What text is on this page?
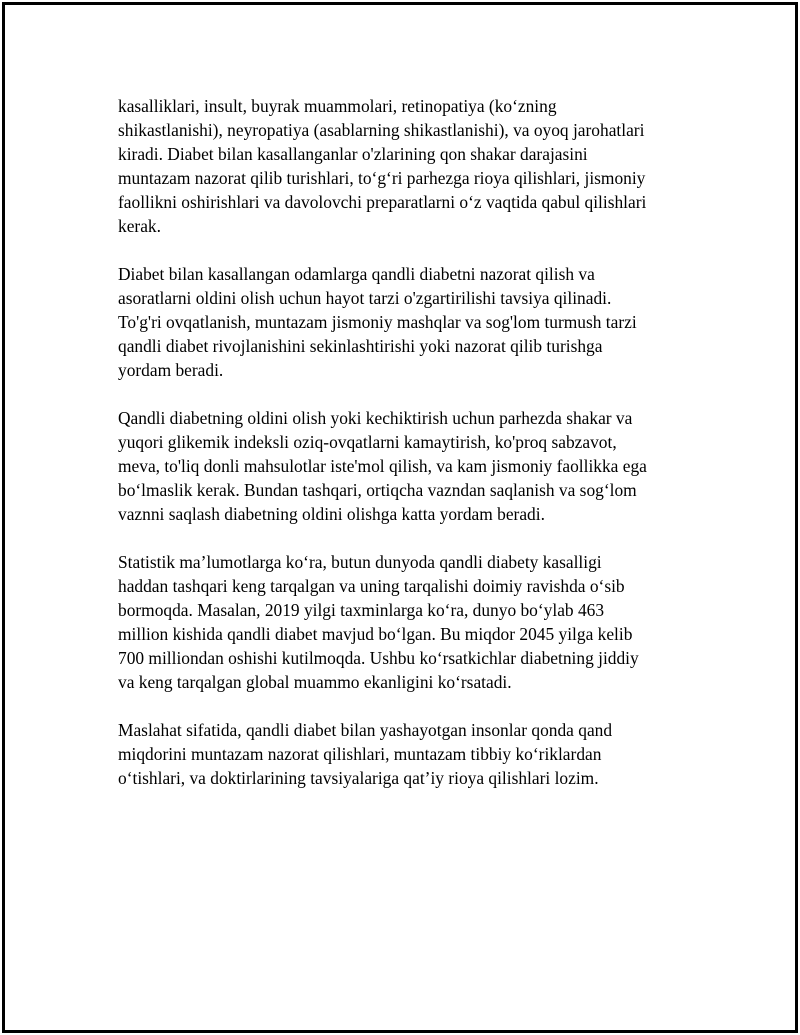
kasalliklari, insult, buyrak muammolari, retinopatiya (ko‘zning
shikastlanishi), neyropatiya (asablarning shikastlanishi), va oyoq jarohatlari
kiradi. Diabet bilan kasallanganlar o'zlarining qon shakar darajasini
muntazam nazorat qilib turishlari, to‘g‘ri parhezga rioya qilishlari, jismoniy
faollikni oshirishlari va davolovchi preparatlarni o‘z vaqtida qabul qilishlari
kerak.

Diabet bilan kasallangan odamlarga qandli diabetni nazorat qilish va
asoratlarni oldini olish uchun hayot tarzi o'zgartirilishi tavsiya qilinadi.
To'g'ri ovqatlanish, muntazam jismoniy mashqlar va sog'lom turmush tarzi
qandli diabet rivojlanishini sekinlashtirishi yoki nazorat qilib turishga
yordam beradi.

Qandli diabetning oldini olish yoki kechiktirish uchun parhezda shakar va
yuqori glikemik indeksli oziq-ovqatlarni kamaytirish, ko'proq sabzavot,
meva, to'liq donli mahsulotlar iste'mol qilish, va kam jismoniy faollikka ega
bo‘lmaslik kerak. Bundan tashqari, ortiqcha vazndan saqlanish va sog‘lom
vaznni saqlash diabetning oldini olishga katta yordam beradi.

Statistik ma’lumotlarga ko‘ra, butun dunyoda qandli diabety kasalligi
haddan tashqari keng tarqalgan va uning tarqalishi doimiy ravishda o‘sib
bormoqda. Masalan, 2019 yilgi taxminlarga ko‘ra, dunyo bo‘ylab 463
million kishida qandli diabet mavjud bo‘lgan. Bu miqdor 2045 yilga kelib
700 milliondan oshishi kutilmoqda. Ushbu ko‘rsatkichlar diabetning jiddiy
va keng tarqalgan global muammo ekanligini ko‘rsatadi.

Maslahat sifatida, qandli diabet bilan yashayotgan insonlar qonda qand
miqdorini muntazam nazorat qilishlari, muntazam tibbiy ko‘riklardan
o‘tishlari, va doktirlarining tavsiyalariga qat’iy rioya qilishlari lozim.
